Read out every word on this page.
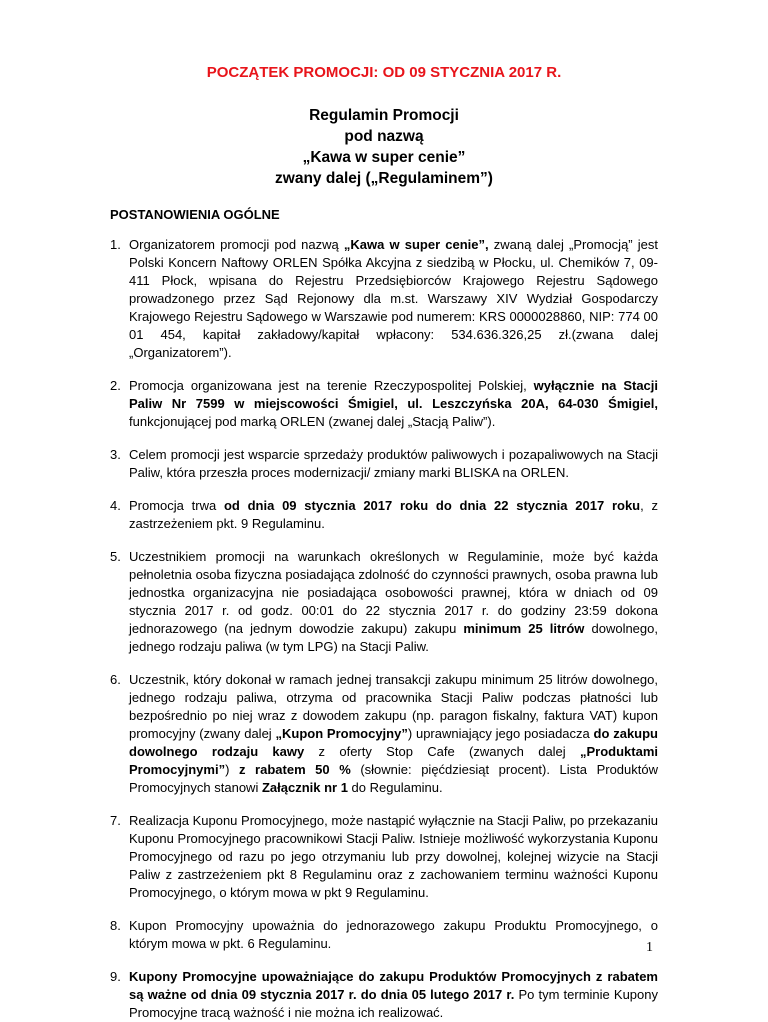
POCZĄTEK PROMOCJI: OD 09 STYCZNIA 2017 R.
Regulamin Promocji
pod nazwą
„Kawa w super cenie”
zwany dalej („Regulaminem”)
POSTANOWIENIA OGÓLNE
1. Organizatorem promocji pod nazwą „Kawa w super cenie”, zwaną dalej „Promocją” jest Polski Koncern Naftowy ORLEN Spółka Akcyjna z siedzibą w Płocku, ul. Chemików 7, 09-411 Płock, wpisana do Rejestru Przedsiębiorców Krajowego Rejestru Sądowego prowadzonego przez Sąd Rejonowy dla m.st. Warszawy XIV Wydział Gospodarczy Krajowego Rejestru Sądowego w Warszawie pod numerem: KRS 0000028860, NIP: 774 00 01 454, kapitał zakładowy/kapitał wpłacony: 534.636.326,25 zł.(zwana dalej „Organizatorem”).
2. Promocja organizowana jest na terenie Rzeczypospolitej Polskiej, wyłącznie na Stacji Paliw Nr 7599 w miejscowości Śmigiel, ul. Leszczyńska 20A, 64-030 Śmigiel, funkcjonującej pod marką ORLEN (zwanej dalej „Stacją Paliw”).
3. Celem promocji jest wsparcie sprzedaży produktów paliwowych i pozapaliwowych na Stacji Paliw, która przeszła proces modernizacji/ zmiany marki BLISKA na ORLEN.
4. Promocja trwa od dnia 09 stycznia 2017 roku do dnia 22 stycznia 2017 roku, z zastrzeżeniem pkt. 9 Regulaminu.
5. Uczestnikiem promocji na warunkach określonych w Regulaminie, może być każda pełnoletnia osoba fizyczna posiadająca zdolność do czynności prawnych, osoba prawna lub jednostka organizacyjna nie posiadająca osobowości prawnej, która w dniach od 09 stycznia 2017 r. od godz. 00:01 do 22 stycznia 2017 r. do godziny 23:59 dokona jednorazowego (na jednym dowodzie zakupu) zakupu minimum 25 litrów dowolnego, jednego rodzaju paliwa (w tym LPG) na Stacji Paliw.
6. Uczestnik, który dokonał w ramach jednej transakcji zakupu minimum 25 litrów dowolnego, jednego rodzaju paliwa, otrzyma od pracownika Stacji Paliw podczas płatności lub bezpośrednio po niej wraz z dowodem zakupu (np. paragon fiskalny, faktura VAT) kupon promocyjny (zwany dalej „Kupon Promocyjny”) uprawniający jego posiadacza do zakupu dowolnego rodzaju kawy z oferty Stop Cafe (zwanych dalej „Produktami Promocyjnymi”) z rabatem 50 % (słownie: pięćdziesiąt procent). Lista Produktów Promocyjnych stanowi Załącznik nr 1 do Regulaminu.
7. Realizacja Kuponu Promocyjnego, może nastąpić wyłącznie na Stacji Paliw, po przekazaniu Kuponu Promocyjnego pracownikowi Stacji Paliw. Istnieje możliwość wykorzystania Kuponu Promocyjnego od razu po jego otrzymaniu lub przy dowolnej, kolejnej wizycie na Stacji Paliw z zastrzeżeniem pkt 8 Regulaminu oraz z zachowaniem terminu ważności Kuponu Promocyjnego, o którym mowa w pkt 9 Regulaminu.
8. Kupon Promocyjny upoważnia do jednorazowego zakupu Produktu Promocyjnego, o którym mowa w pkt. 6 Regulaminu.
9. Kupony Promocyjne upoważniające do zakupu Produktów Promocyjnych z rabatem są ważne od dnia 09 stycznia 2017 r. do dnia 05 lutego 2017 r. Po tym terminie Kupony Promocyjne tracą ważność i nie można ich realizować.
1
